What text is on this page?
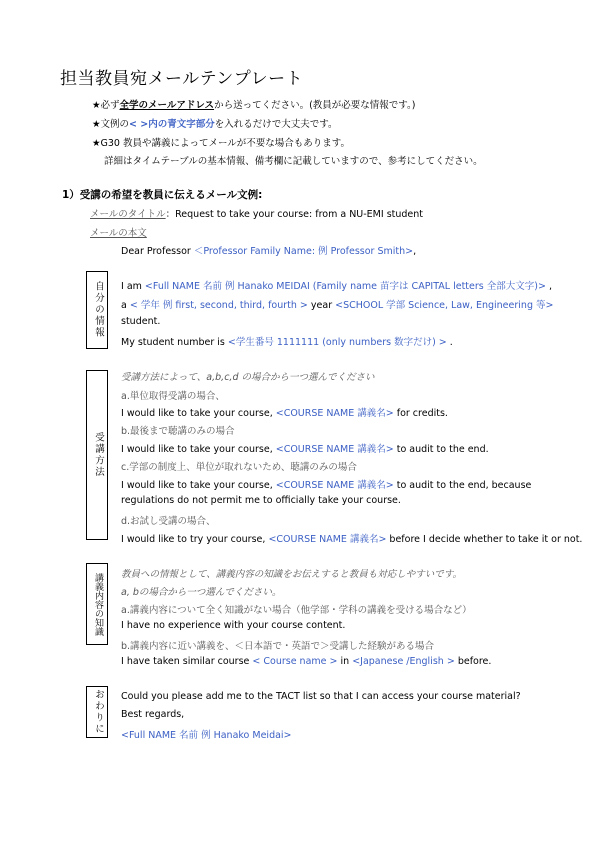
担当教員宛メールテンプレート
★必ず全学のメールアドレスから送ってください。(教員が必要な情報です。)
★文例の< >内の青文字部分を入れるだけで大丈夫です。
★G30 教員や講義によってメールが不要な場合もあります。
詳細はタイムテーブルの基本情報、備考欄に記載していますので、参考にしてください。
1）受講の希望を教員に伝えるメール文例:
メールのタイトル：Request to take your course: from a NU-EMI student
メールの本文
Dear Professor ＜Professor Family Name: 例 Professor Smith>,
自分の情報	I am <Full NAME 名前 例 Hanako MEIDAI (Family name 苗字は CAPITAL letters 全部大文字)> ,
a < 学年 例 first, second, third, fourth > year <SCHOOL 学部 Science, Law, Engineering 等>
student.
My student number is <学生番号 1111111 (only numbers 数字だけ) > .
受講方法
受講方法によって、a,b,c,d の場合から一つ選んでください
a.単位取得受講の場合、
I would like to take your course, <COURSE NAME 講義名> for credits.
b.最後まで聴講のみの場合
I would like to take your course, <COURSE NAME 講義名> to audit to the end.
c.学部の制度上、単位が取れないため、聴講のみの場合
I would like to take your course, <COURSE NAME 講義名> to audit to the end, because
regulations do not permit me to officially take your course.
d.お試し受講の場合、
I would like to try your course, <COURSE NAME 講義名> before I decide whether to take it or not.
講義内容の知識	教員への情報として、講義内容の知識をお伝えすると教員も対応しやすいです。
a, bの場合から一つ選んでください。
a.講義内容について全く知識がない場合（他学部・学科の講義を受ける場合など）
I have no experience with your course content.
b.講義内容に近い講義を、＜日本語で・英語で＞受講した経験がある場合
I have taken similar course < Course name > in <Japanese /English > before.
おわりに	Could you please add me to the TACT list so that I can access your course material?
Best regards,
<Full NAME 名前 例 Hanako Meidai>
